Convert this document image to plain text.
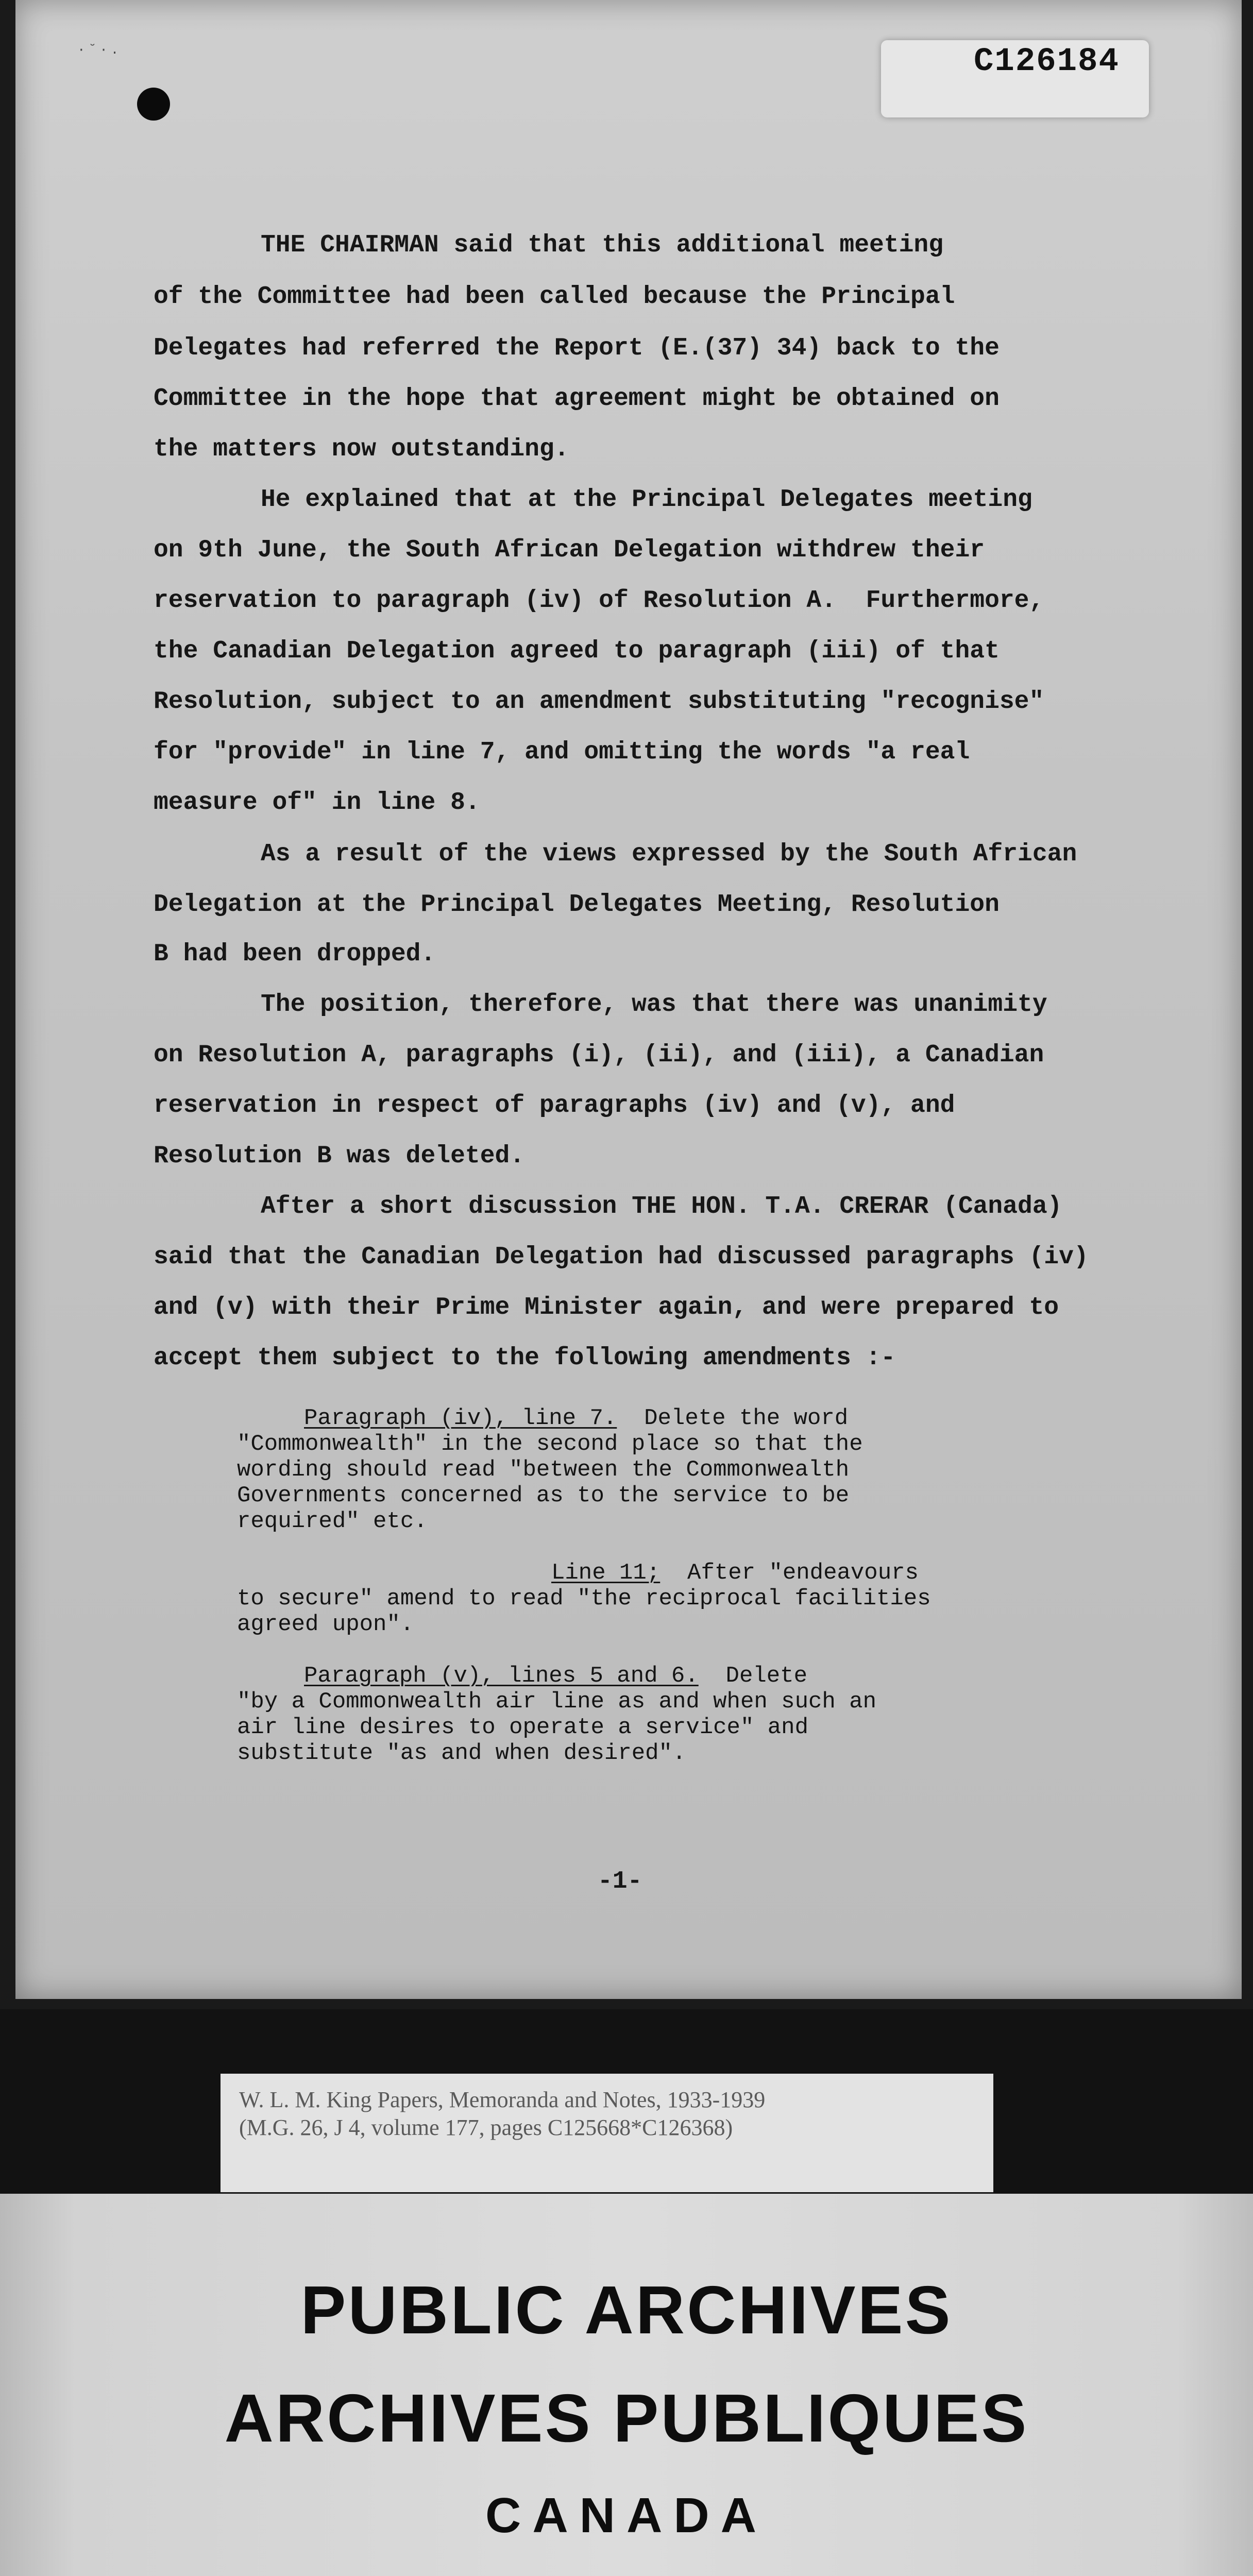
·˘·.	C126184
THE CHAIRMAN said that this additional meeting
of the Committee had been called because the Principal
Delegates had referred the Report (E.(37) 34) back to the
Committee in the hope that agreement might be obtained on
the matters now outstanding.
He explained that at the Principal Delegates meeting
on 9th June, the South African Delegation withdrew their
reservation to paragraph (iv) of Resolution A.  Furthermore,
the Canadian Delegation agreed to paragraph (iii) of that
Resolution, subject to an amendment substituting "recognise"
for "provide" in line 7, and omitting the words "a real
measure of" in line 8.
As a result of the views expressed by the South African
Delegation at the Principal Delegates Meeting, Resolution
B had been dropped.
The position, therefore, was that there was unanimity
on Resolution A, paragraphs (i), (ii), and (iii), a Canadian
reservation in respect of paragraphs (iv) and (v), and
Resolution B was deleted.
After a short discussion THE HON. T.A. CRERAR (Canada)
said that the Canadian Delegation had discussed paragraphs (iv)
and (v) with their Prime Minister again, and were prepared to
accept them subject to the following amendments :-
Paragraph (iv), line 7. Delete the word
"Commonwealth" in the second place so that the
wording should read "between the Commonwealth
Governments concerned as to the service to be
required" etc.
Line 11; After "endeavours
to secure" amend to read "the reciprocal facilities
agreed upon".
Paragraph (v), lines 5 and 6. Delete
"by a Commonwealth air line as and when such an
air line desires to operate a service" and
substitute "as and when desired".
-1-
W. L. M. King Papers, Memoranda and Notes, 1933-1939
(M.G. 26, J 4, volume 177, pages C125668*C126368)
PUBLIC ARCHIVES
ARCHIVES PUBLIQUES
CANADA
